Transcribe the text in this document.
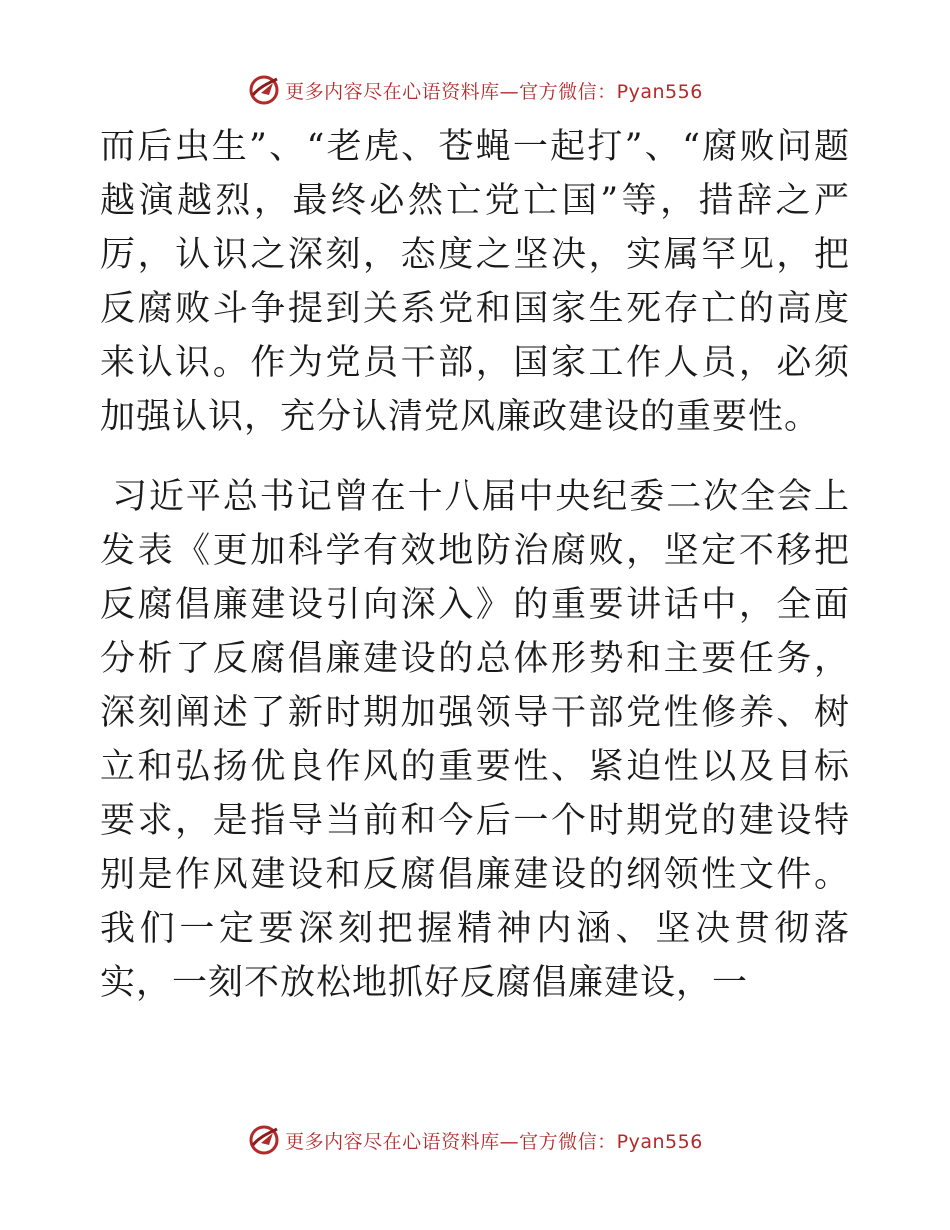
更多内容尽在心语资料库—官方微信：Pyan556

而后虫生”、“老虎、苍蝇一起打”、“腐败问题越演越烈，最终必然亡党亡国”等，措辞之严厉，认识之深刻，态度之坚决，实属罕见，把反腐败斗争提到关系党和国家生死存亡的高度来认识。作为党员干部，国家工作人员，必须加强认识，充分认清党风廉政建设的重要性。

习近平总书记曾在十八届中央纪委二次全会上发表《更加科学有效地防治腐败，坚定不移把反腐倡廉建设引向深入》的重要讲话中，全面分析了反腐倡廉建设的总体形势和主要任务，深刻阐述了新时期加强领导干部党性修养、树立和弘扬优良作风的重要性、紧迫性以及目标要求，是指导当前和今后一个时期党的建设特别是作风建设和反腐倡廉建设的纲领性文件。我们一定要深刻把握精神内涵、坚决贯彻落实，一刻不放松地抓好反腐倡廉建设，一

更多内容尽在心语资料库—官方微信：Pyan556
